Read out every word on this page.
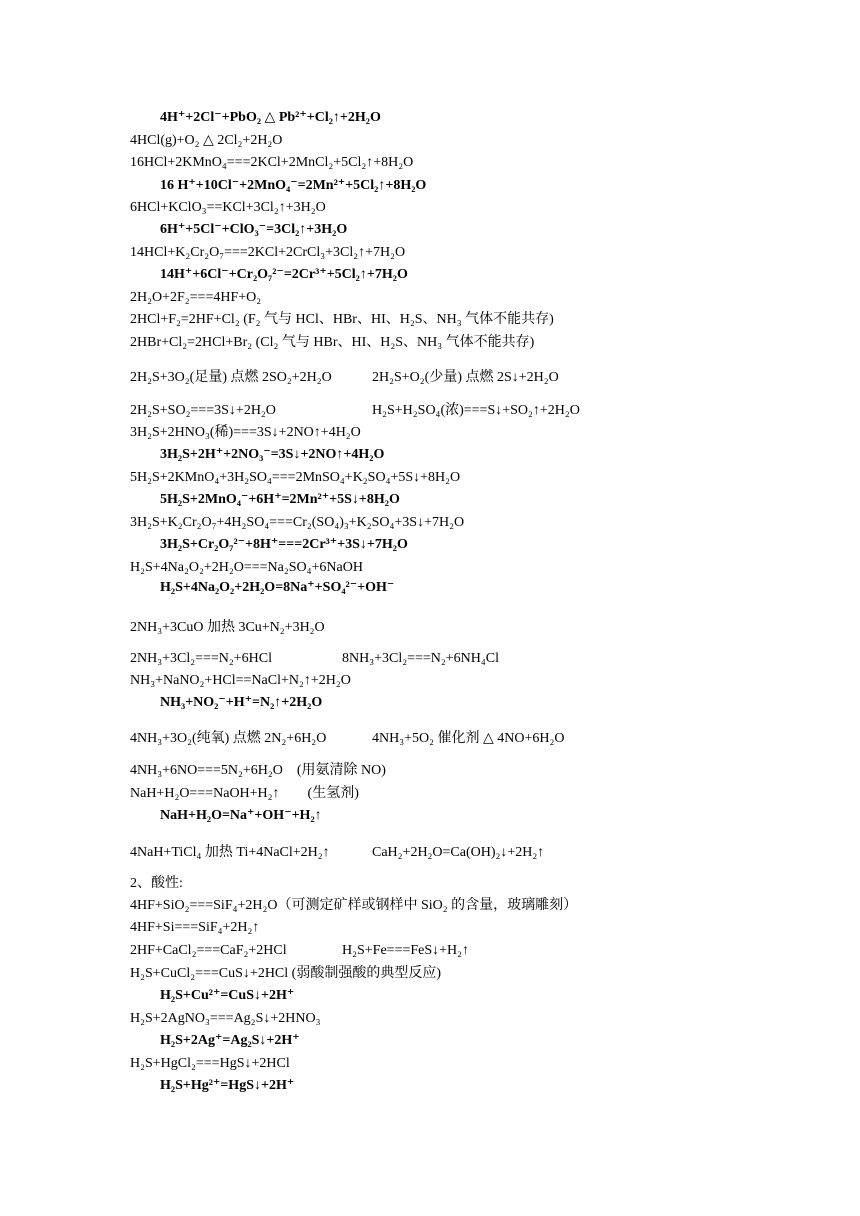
4H⁺+2Cl⁻+PbO₂ △ Pb²⁺+Cl₂↑+2H₂O
4HCl(g)+O₂ △ 2Cl₂+2H₂O
16HCl+2KMnO₄===2KCl+2MnCl₂+5Cl₂↑+8H₂O
16 H⁺+10Cl⁻+2MnO₄⁻=2Mn²⁺+5Cl₂↑+8H₂O
6HCl+KClO₃==KCl+3Cl₂↑+3H₂O
6H⁺+5Cl⁻+ClO₃⁻=3Cl₂↑+3H₂O
14HCl+K₂Cr₂O₇===2KCl+2CrCl₃+3Cl₂↑+7H₂O
14H⁺+6Cl⁻+Cr₂O₇²⁻=2Cr³⁺+5Cl₂↑+7H₂O
2H₂O+2F₂===4HF+O₂
2HCl+F₂=2HF+Cl₂ (F₂ 气与 HCl、HBr、HI、H₂S、NH₃ 气体不能共存)
2HBr+Cl₂=2HCl+Br₂ (Cl₂ 气与 HBr、HI、H₂S、NH₃ 气体不能共存)
2H₂S+3O₂(足量) 点燃 2SO₂+2H₂O	2H₂S+O₂(少量) 点燃 2S↓+2H₂O
2H₂S+SO₂===3S↓+2H₂O	H₂S+H₂SO₄(浓)===S↓+SO₂↑+2H₂O
3H₂S+2HNO₃(稀)===3S↓+2NO↑+4H₂O
3H₂S+2H⁺+2NO₃⁻=3S↓+2NO↑+4H₂O
5H₂S+2KMnO₄+3H₂SO₄===2MnSO₄+K₂SO₄+5S↓+8H₂O
5H₂S+2MnO₄⁻+6H⁺=2Mn²⁺+5S↓+8H₂O
3H₂S+K₂Cr₂O₇+4H₂SO₄===Cr₂(SO₄)₃+K₂SO₄+3S↓+7H₂O
3H₂S+Cr₂O₇²⁻+8H⁺===2Cr³⁺+3S↓+7H₂O
H₂S+4Na₂O₂+2H₂O===Na₂SO₄+6NaOH
H₂S+4Na₂O₂+2H₂O=8Na⁺+SO₄²⁻+OH⁻
2NH₃+3CuO 加热 3Cu+N₂+3H₂O
2NH₃+3Cl₂===N₂+6HCl	8NH₃+3Cl₂===N₂+6NH₄Cl
NH₃+NaNO₂+HCl==NaCl+N₂↑+2H₂O
NH₃+NO₂⁻+H⁺=N₂↑+2H₂O
4NH₃+3O₂(纯氧) 点燃 2N₂+6H₂O	4NH₃+5O₂ 催化剂 △ 4NO+6H₂O
4NH₃+6NO===5N₂+6H₂O　(用氨清除 NO)
NaH+H₂O===NaOH+H₂↑　　(生氢剂)
NaH+H₂O=Na⁺+OH⁻+H₂↑
4NaH+TiCl₄ 加热 Ti+4NaCl+2H₂↑	CaH₂+2H₂O=Ca(OH)₂↓+2H₂↑
2、酸性:
4HF+SiO₂===SiF₄+2H₂O（可测定矿样或钢样中 SiO₂ 的含量，玻璃雕刻）
4HF+Si===SiF₄+2H₂↑
2HF+CaCl₂===CaF₂+2HCl	H₂S+Fe===FeS↓+H₂↑
H₂S+CuCl₂===CuS↓+2HCl (弱酸制强酸的典型反应)
H₂S+Cu²⁺=CuS↓+2H⁺
H₂S+2AgNO₃===Ag₂S↓+2HNO₃
H₂S+2Ag⁺=Ag₂S↓+2H⁺
H₂S+HgCl₂===HgS↓+2HCl
H₂S+Hg²⁺=HgS↓+2H⁺
